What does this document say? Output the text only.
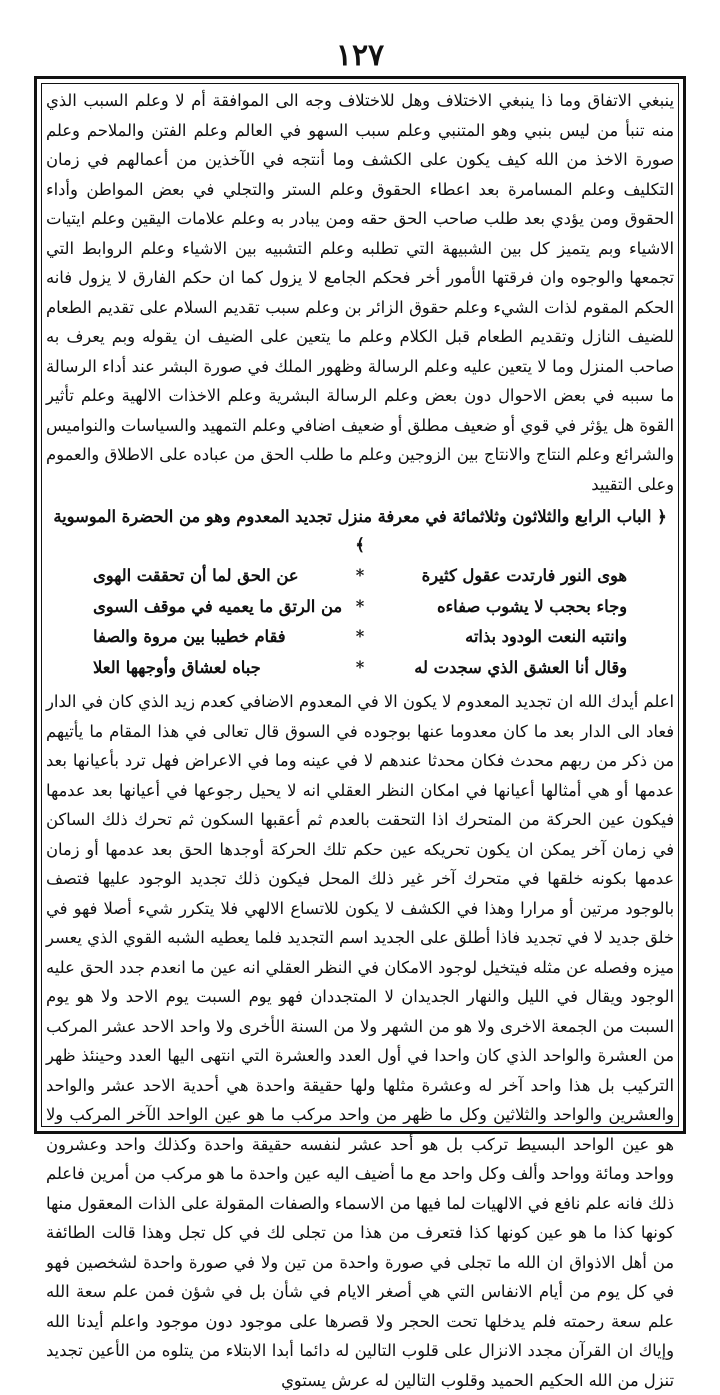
١٢٧

ينبغي الاتفاق وما ذا ينبغي الاختلاف وهل للاختلاف وجه الى الموافقة أم لا وعلم السبب الذي منه تنبأ من ليس بنبي وهو المتنبي وعلم سبب السهو في العالم وعلم الفتن والملاحم وعلم صورة الاخذ من الله كيف يكون على الكشف وما أنتجه في الآخذين من أعمالهم في زمان التكليف وعلم المسامرة بعد اعطاء الحقوق وعلم الستر والتجلي في بعض المواطن وأداء الحقوق ومن يؤدي بعد طلب صاحب الحق حقه ومن يبادر به وعلم علامات اليقين وعلم ايتيات الاشياء وبم يتميز كل بين الشبيهة التي تطلبه وعلم التشبيه بين الاشياء وعلم الروابط التي تجمعها والوجوه وان فرقتها الأمور أخر فحكم الجامع لا يزول كما ان حكم الفارق لا يزول فانه الحكم المقوم لذات الشيء وعلم حقوق الزائر بن وعلم سبب تقديم السلام على تقديم الطعام للضيف النازل وتقديم الطعام قبل الكلام وعلم ما يتعين على الضيف ان يقوله وبم يعرف به صاحب المنزل وما لا يتعين عليه وعلم الرسالة وظهور الملك في صورة البشر عند أداء الرسالة ما سببه في بعض الاحوال دون بعض وعلم الرسالة البشرية وعلم الاخذات الالهية وعلم تأثير القوة هل يؤثر في قوي أو ضعيف مطلق أو ضعيف اضافي وعلم التمهيد والسياسات والنواميس والشرائع وعلم النتاج والانتاج بين الزوجين وعلم ما طلب الحق من عباده على الاطلاق والعموم وعلى التقييد

﴿ الباب الرابع والثلاثون وثلاثمائة في معرفة منزل تجديد المعدوم وهو من الحضرة الموسوية ﴾
هوى النور فارتدت عقول كثيرة
*
عن الحق لما أن تحققت الهوى
وجاء بحجب لا يشوب صفاءه
*
من الرتق ما يعميه في موقف السوى
وانتبه النعت الودود بذاته
*
فقام خطيبا بين مروة والصفا
وقال أنا العشق الذي سجدت له
*
جباه لعشاق وأوجهها العلا

اعلم أيدك الله ان تجديد المعدوم لا يكون الا في المعدوم الاضافي كعدم زيد الذي كان في الدار فعاد الى الدار بعد ما كان معدوما عنها بوجوده في السوق قال تعالى في هذا المقام ما يأتيهم من ذكر من ربهم محدث فكان محدثا عندهم لا في عينه وما في الاعراض فهل ترد بأعيانها بعد عدمها أو هي أمثالها أعيانها في امكان النظر العقلي انه لا يحيل رجوعها في أعيانها بعد عدمها فيكون عين الحركة من المتحرك اذا التحقت بالعدم ثم أعقبها السكون ثم تحرك ذلك الساكن في زمان آخر يمكن ان يكون تحريكه عين حكم تلك الحركة أوجدها الحق بعد عدمها أو زمان عدمها بكونه خلقها في متحرك آخر غير ذلك المحل فيكون ذلك تجديد الوجود عليها فتصف بالوجود مرتين أو مرارا وهذا في الكشف لا يكون للاتساع الالهي فلا يتكرر شيء أصلا فهو في خلق جديد لا في تجديد فاذا أطلق على الجديد اسم التجديد فلما يعطيه الشبه القوي الذي يعسر ميزه وفصله عن مثله فيتخيل لوجود الامكان في النظر العقلي انه عين ما انعدم جدد الحق عليه الوجود ويقال في الليل والنهار الجديدان لا المتجددان فهو يوم السبت يوم الاحد ولا هو يوم السبت من الجمعة الاخرى ولا هو من الشهر ولا من السنة الأخرى ولا واحد الاحد عشر المركب من العشرة والواحد الذي كان واحدا في أول العدد والعشرة التي انتهى اليها العدد وحينئذ ظهر التركيب بل هذا واحد آخر له وعشرة مثلها ولها حقيقة واحدة هي أحدية الاحد عشر والواحد والعشرين والواحد والثلاثين وكل ما ظهر من واحد مركب ما هو عين الواحد الآخر المركب ولا هو عين الواحد البسيط تركب بل هو أحد عشر لنفسه حقيقة واحدة وكذلك واحد وعشرون وواحد ومائة وواحد وألف وكل واحد مع ما أضيف اليه عين واحدة ما هو مركب من أمرين فاعلم ذلك فانه علم نافع في الالهيات لما فيها من الاسماء والصفات المقولة على الذات المعقول منها كونها كذا ما هو عين كونها كذا فتعرف من هذا من تجلى لك في كل تجل وهذا قالت الطائفة من أهل الاذواق ان الله ما تجلى في صورة واحدة من تين ولا في صورة واحدة لشخصين فهو في كل يوم من أيام الانفاس التي هي أصغر الايام في شأن بل في شؤن فمن علم سعة الله علم سعة رحمته فلم يدخلها تحت الحجر ولا قصرها على موجود دون موجود واعلم أيدنا الله وإياك ان القرآن مجدد الانزال على قلوب التالين له دائما أبدا الابتلاء من يتلوه من الأعين تجديد تنزل من الله الحكيم الحميد وقلوب التالين له عرش يستوي
